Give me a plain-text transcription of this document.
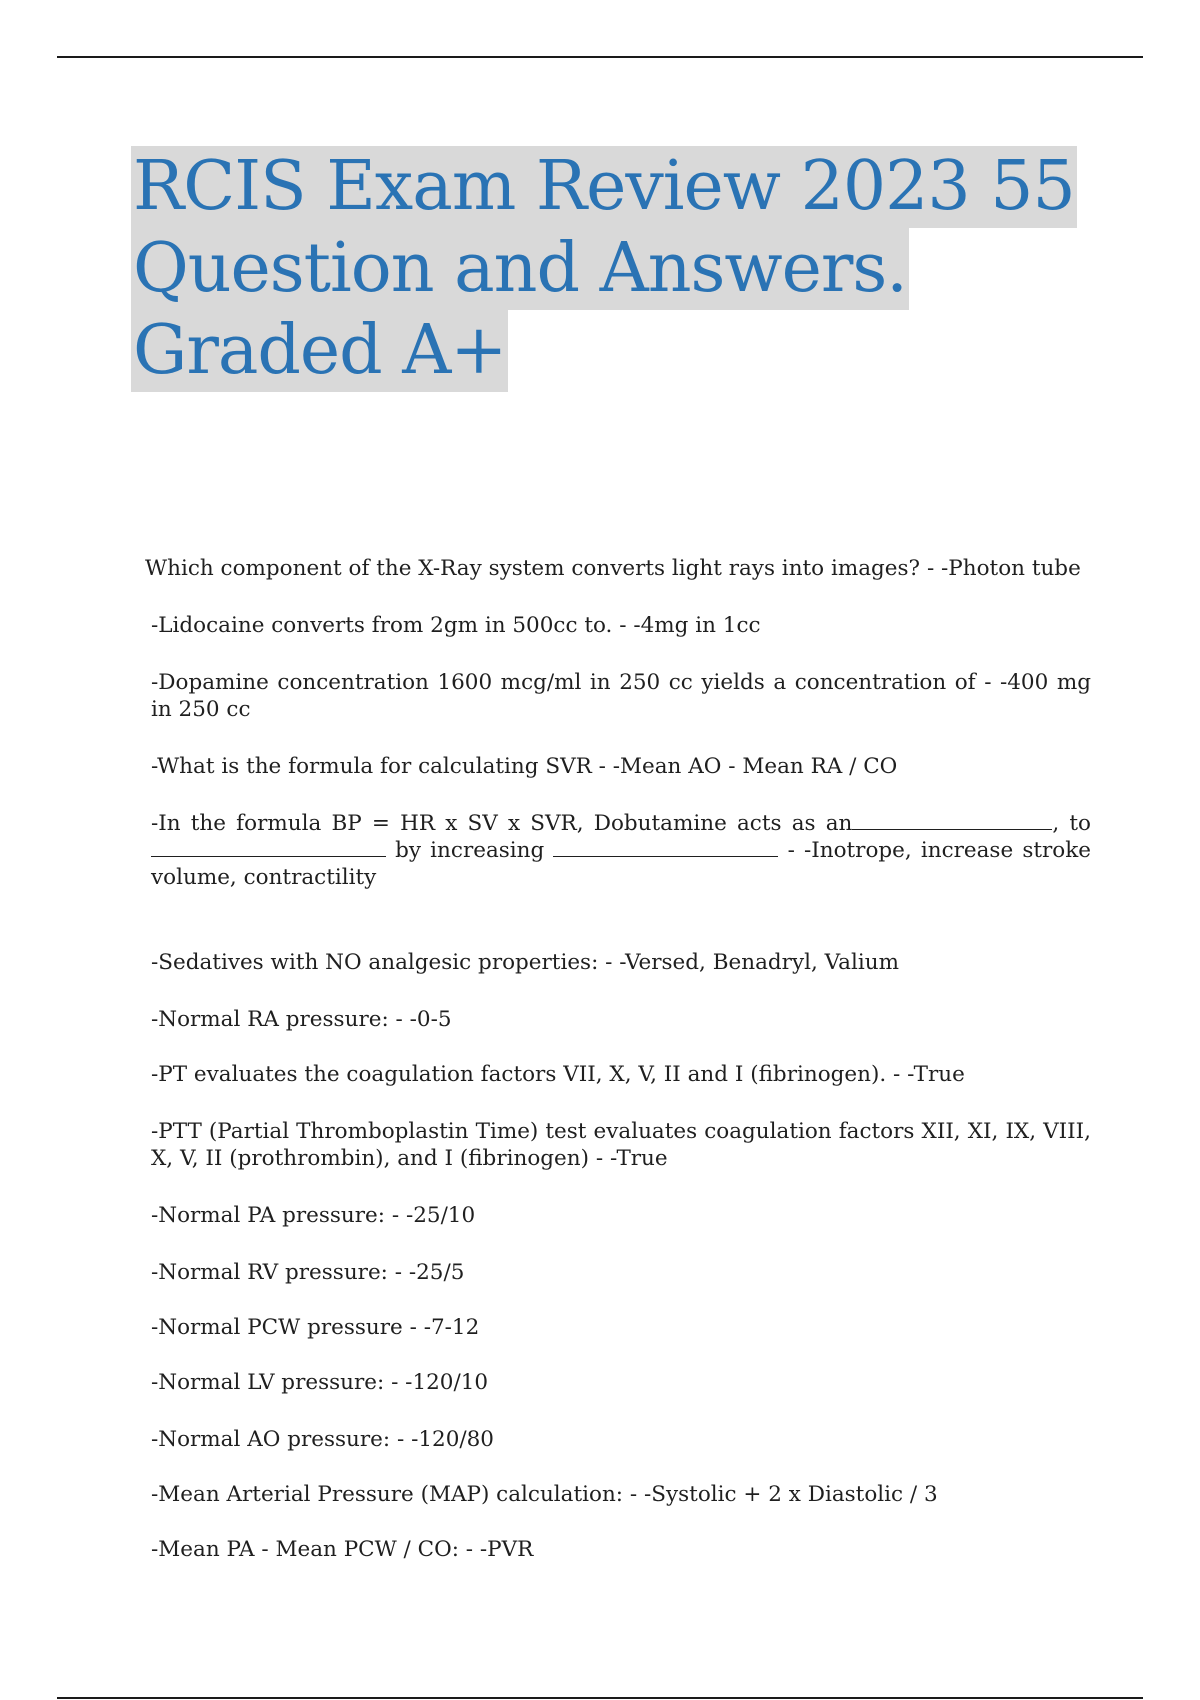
RCIS Exam Review 2023 55
Question and Answers.
Graded A+
Which component of the X-Ray system converts light rays into images? - -Photon tube
-Lidocaine converts from 2gm in 500cc to. - -4mg in 1cc
-Dopamine concentration 1600 mcg/ml in 250 cc yields a concentration of - -400 mg in 250 cc
-What is the formula for calculating SVR - -Mean AO - Mean RA / CO
-In the formula BP = HR x SV x SVR, Dobutamine acts as an	, to  by increasing	- -Inotrope, increase stroke volume, contractility
-Sedatives with NO analgesic properties: - -Versed, Benadryl, Valium
-Normal RA pressure: - -0-5
-PT evaluates the coagulation factors VII, X, V, II and I (fibrinogen). - -True
-PTT (Partial Thromboplastin Time) test evaluates coagulation factors XII, XI, IX, VIII, X, V, II (prothrombin), and I (fibrinogen) - -True
-Normal PA pressure: - -25/10
-Normal RV pressure: - -25/5
-Normal PCW pressure - -7-12
-Normal LV pressure: - -120/10
-Normal AO pressure: - -120/80
-Mean Arterial Pressure (MAP) calculation: - -Systolic + 2 x Diastolic / 3
-Mean PA - Mean PCW / CO: - -PVR
